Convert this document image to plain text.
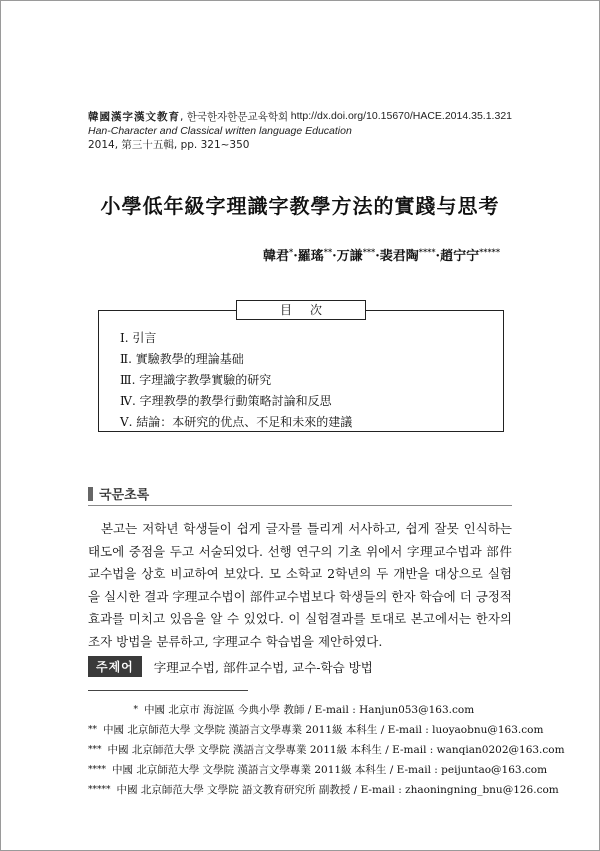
韓國漢字漢文教育, 한국한자한문교육학회
Han-Character and Classical written language Education
2014, 第三十五輯, pp. 321~350
http://dx.doi.org/10.15670/HACE.2014.35.1.321
小學低年級字理識字教學方法的實踐与思考
韓君*·羅瑤**·万謙***·裴君陶****·趙宁宁*****
目次
Ⅰ. 引言
Ⅱ. 實驗教學的理論基础
Ⅲ. 字理識字教學實驗的研究
Ⅳ. 字理教學的教學行動策略討論和反思
Ⅴ. 結論：本研究的优点、不足和未來的建議
국문초록

본고는 저학년 학생들이 쉽게 글자를 틀리게 서사하고, 쉽게 잘못 인식하는 태도에 중점을 두고 서술되었다. 선행 연구의 기초 위에서 字理교수법과 部件교수법을 상호 비교하여 보았다. 모 소학교 2학년의 두 개반을 대상으로 실험을 실시한 결과 字理교수법이 部件교수법보다 학생들의 한자 학습에 더 긍정적 효과를 미치고 있음을 알 수 있었다. 이 실험결과를 토대로 본고에서는 한자의 조자 방법을 분류하고, 字理교수 학습법을 제안하였다.

주제어	字理교수법, 部件교수법, 교수-학습 방법
* 中國 北京市 海淀區 今典小學 教師 / E-mail : Hanjun053@163.com
** 中國 北京師范大學 文學院 漢語言文學專業 2011級 本科生 / E-mail : luoyaobnu@163.com
*** 中國 北京師范大學 文學院 漢語言文學專業 2011級 本科生 / E-mail : wanqian0202@163.com
**** 中國 北京師范大學 文學院 漢語言文學專業 2011級 本科生 / E-mail : peijuntao@163.com
***** 中國 北京師范大學 文學院 語文教育研究所 副教授 / E-mail : zhaoningning_bnu@126.com
